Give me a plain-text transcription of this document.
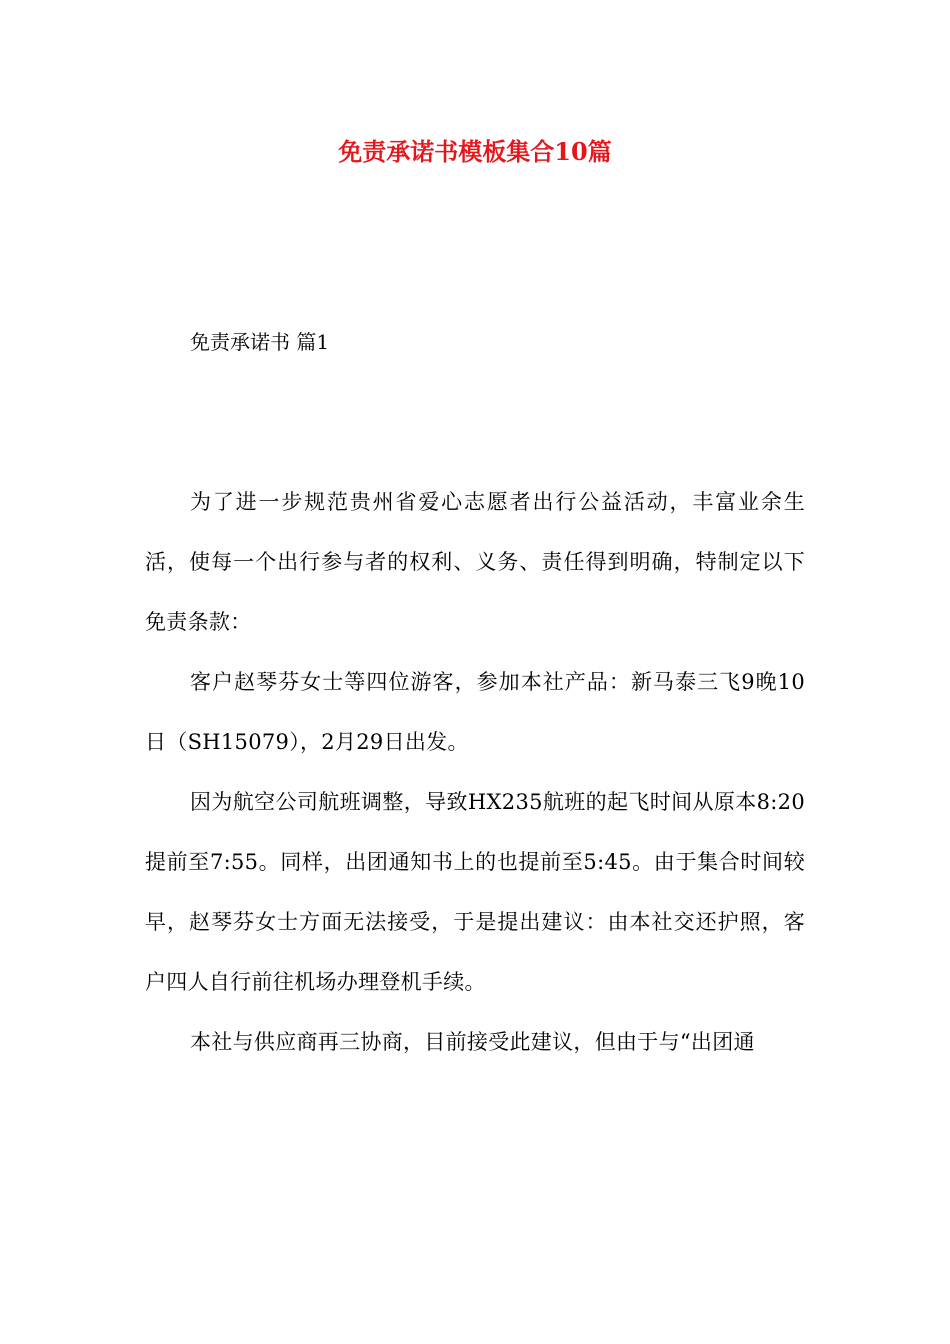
免责承诺书模板集合10篇

免责承诺书 篇1

为了进一步规范贵州省爱心志愿者出行公益活动，丰富业余生活，使每一个出行参与者的权利、义务、责任得到明确，特制定以下免责条款：

客户赵琴芬女士等四位游客，参加本社产品：新马泰三飞9晚10日（SH15079），2月29日出发。

因为航空公司航班调整，导致HX235航班的起飞时间从原本8:20提前至7:55。同样，出团通知书上的也提前至5:45。由于集合时间较早，赵琴芬女士方面无法接受，于是提出建议：由本社交还护照，客户四人自行前往机场办理登机手续。

本社与供应商再三协商，目前接受此建议，但由于与“出团通
